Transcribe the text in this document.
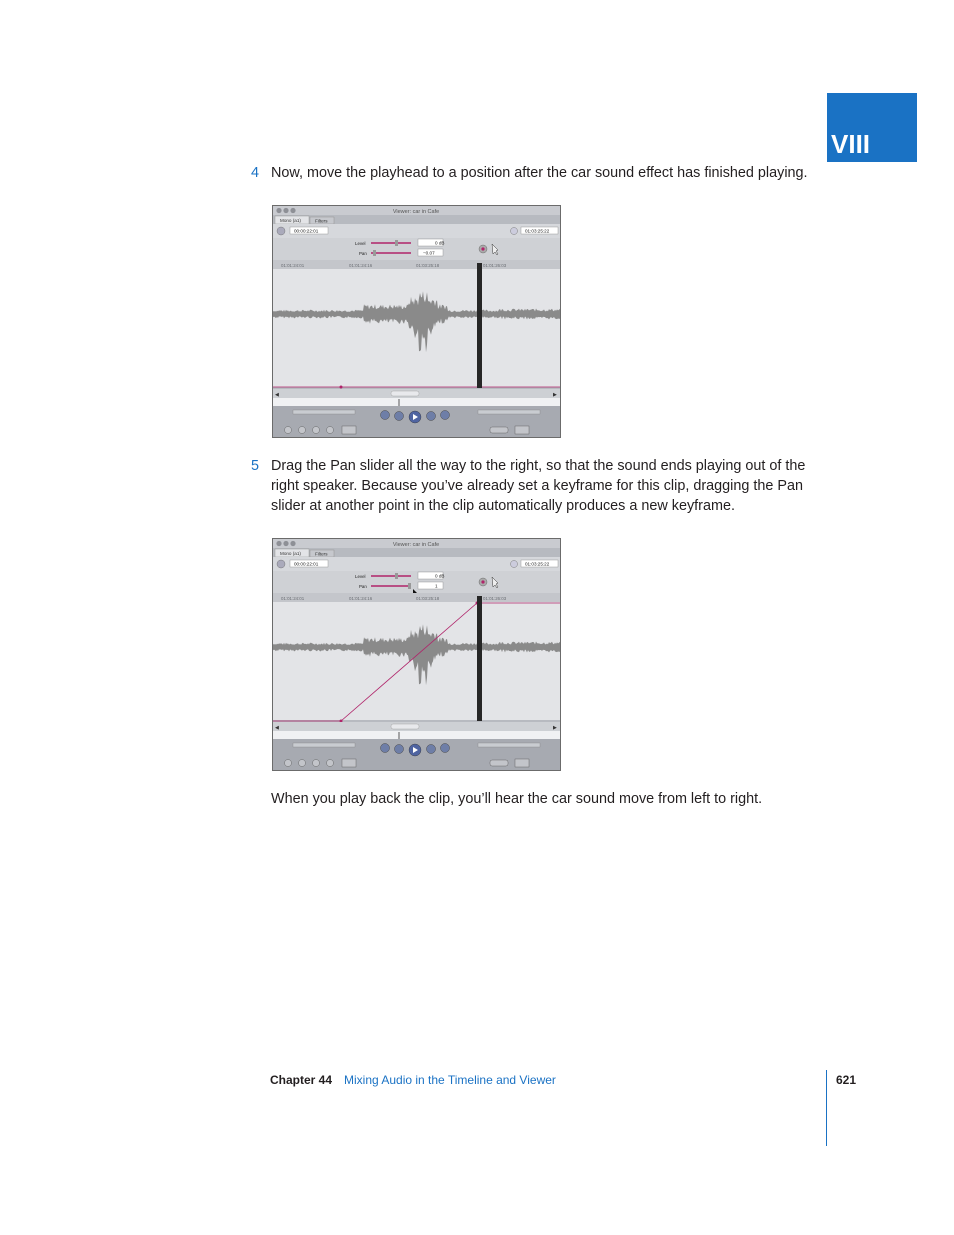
VIII
4 Now, move the playhead to a position after the car sound effect has finished playing.
Viewer: car in Cafe
Mono (a1)	Filters
00:00:22:01	01:03:25:22
Level	0 dB
Pan	−0.07
01:01:24:01	01:01:24:16	01:03:25:18	01:01:26:03
◀	▶
5 Drag the Pan slider all the way to the right, so that the sound ends playing out of the right speaker. Because you’ve already set a keyframe for this clip, dragging the Pan slider at another point in the clip automatically produces a new keyframe.
Viewer: car in Cafe
Mono (a1)	Filters
00:00:22:01	01:03:25:22
Level	0 dB
Pan	1
01:01:24:01	01:01:24:16	01:03:25:18	01:01:26:03
◀	▶
When you play back the clip, you’ll hear the car sound move from left to right.
Chapter 44 Mixing Audio in the Timeline and Viewer	621
